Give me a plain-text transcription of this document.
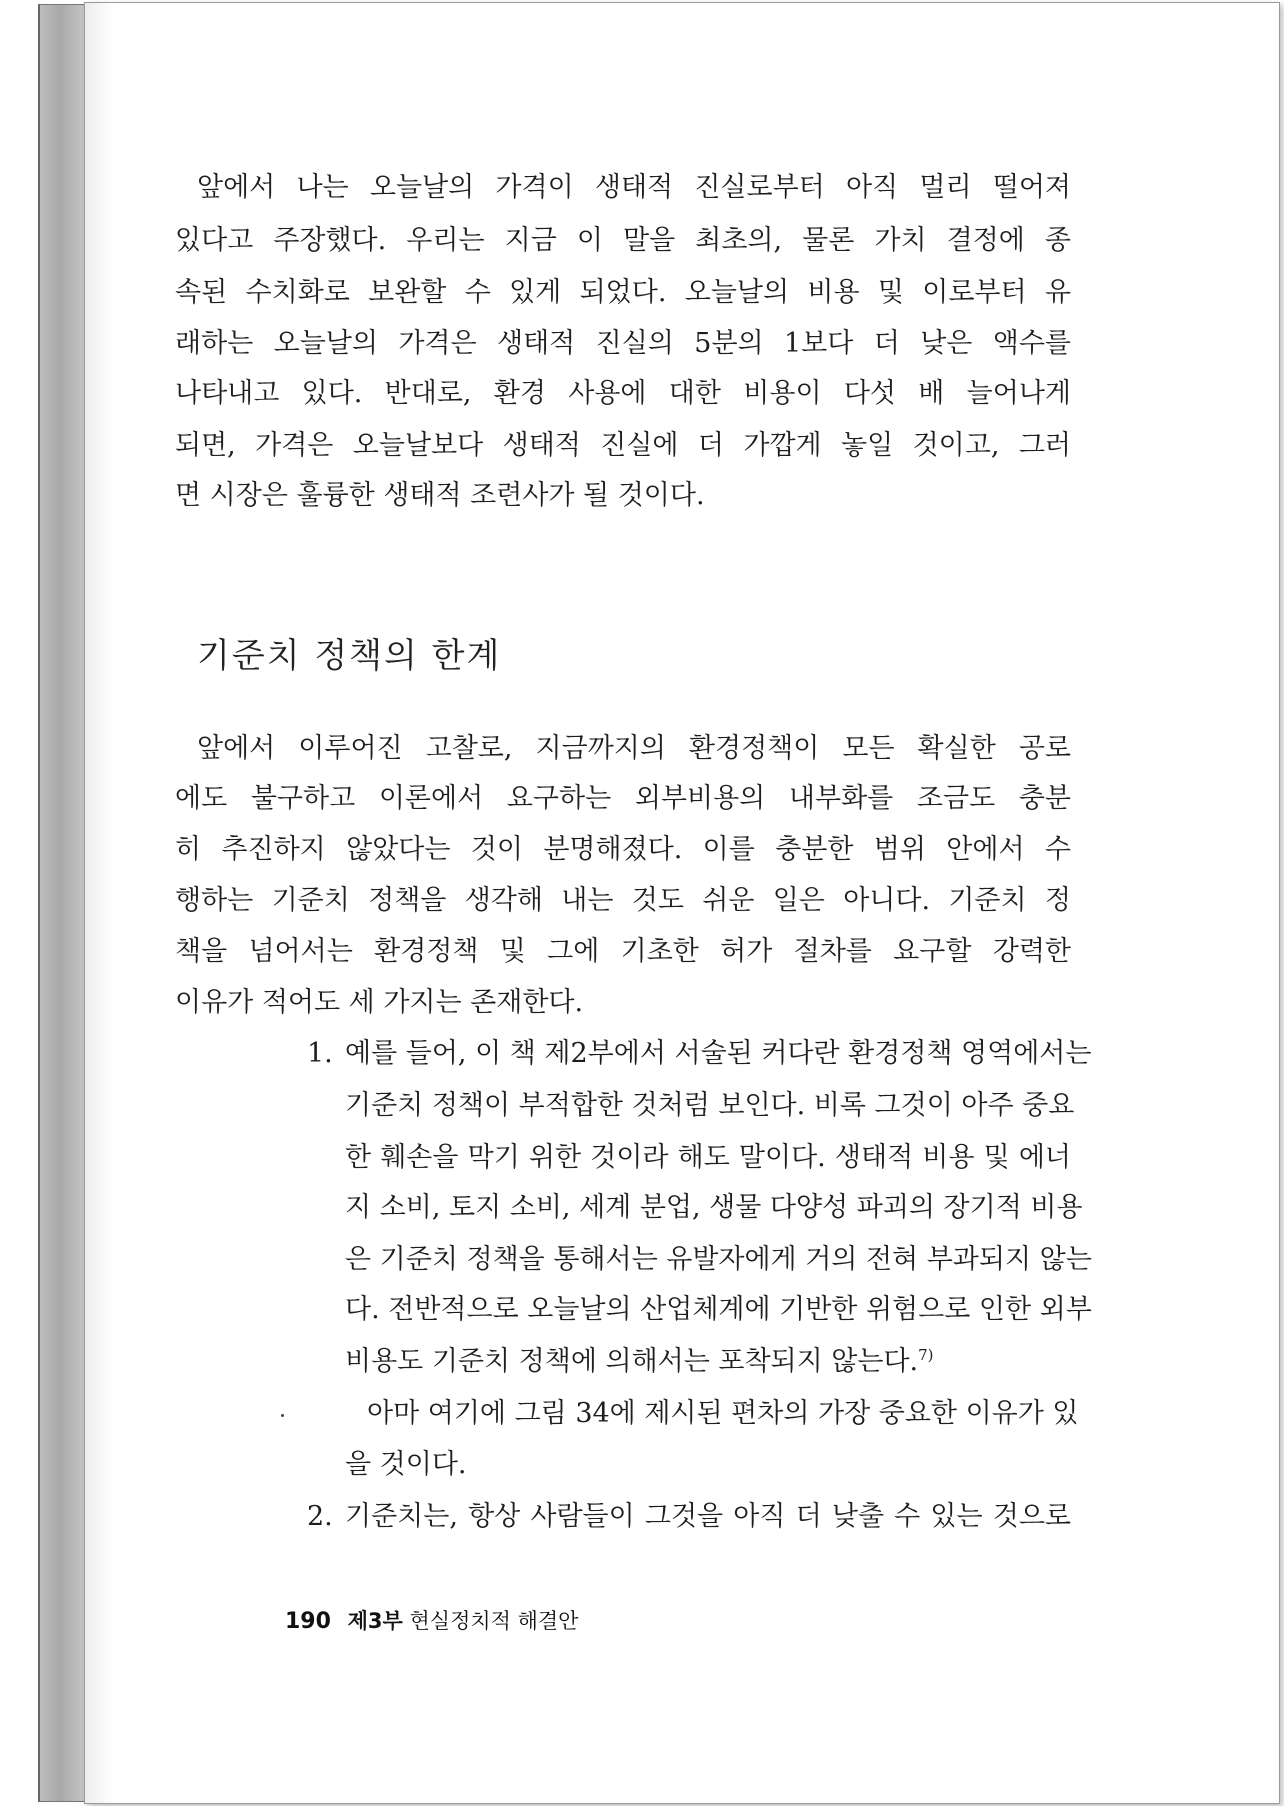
앞에서 나는 오늘날의 가격이 생태적 진실로부터 아직 멀리 떨어져
있다고 주장했다. 우리는 지금 이 말을 최초의, 물론 가치 결정에 종
속된 수치화로 보완할 수 있게 되었다. 오늘날의 비용 및 이로부터 유
래하는 오늘날의 가격은 생태적 진실의 5분의 1보다 더 낮은 액수를
나타내고 있다. 반대로, 환경 사용에 대한 비용이 다섯 배 늘어나게
되면, 가격은 오늘날보다 생태적 진실에 더 가깝게 놓일 것이고, 그러
면 시장은 훌륭한 생태적 조련사가 될 것이다.
기준치 정책의 한계
앞에서 이루어진 고찰로, 지금까지의 환경정책이 모든 확실한 공로
에도 불구하고 이론에서 요구하는 외부비용의 내부화를 조금도 충분
히 추진하지 않았다는 것이 분명해졌다. 이를 충분한 범위 안에서 수
행하는 기준치 정책을 생각해 내는 것도 쉬운 일은 아니다. 기준치 정
책을 넘어서는 환경정책 및 그에 기초한 허가 절차를 요구할 강력한
이유가 적어도 세 가지는 존재한다.
1. 예를 들어, 이 책 제2부에서 서술된 커다란 환경정책 영역에서는
기준치 정책이 부적합한 것처럼 보인다. 비록 그것이 아주 중요
한 훼손을 막기 위한 것이라 해도 말이다. 생태적 비용 및 에너
지 소비, 토지 소비, 세계 분업, 생물 다양성 파괴의 장기적 비용
은 기준치 정책을 통해서는 유발자에게 거의 전혀 부과되지 않는
다. 전반적으로 오늘날의 산업체계에 기반한 위험으로 인한 외부
비용도 기준치 정책에 의해서는 포착되지 않는다.$^{7)}$
아마 여기에 그림 34에 제시된 편차의 가장 중요한 이유가 있
을 것이다.
2. 기준치는, 항상 사람들이 그것을 아직 더 낮출 수 있는 것으로
190 제3부 현실정치적 해결안
